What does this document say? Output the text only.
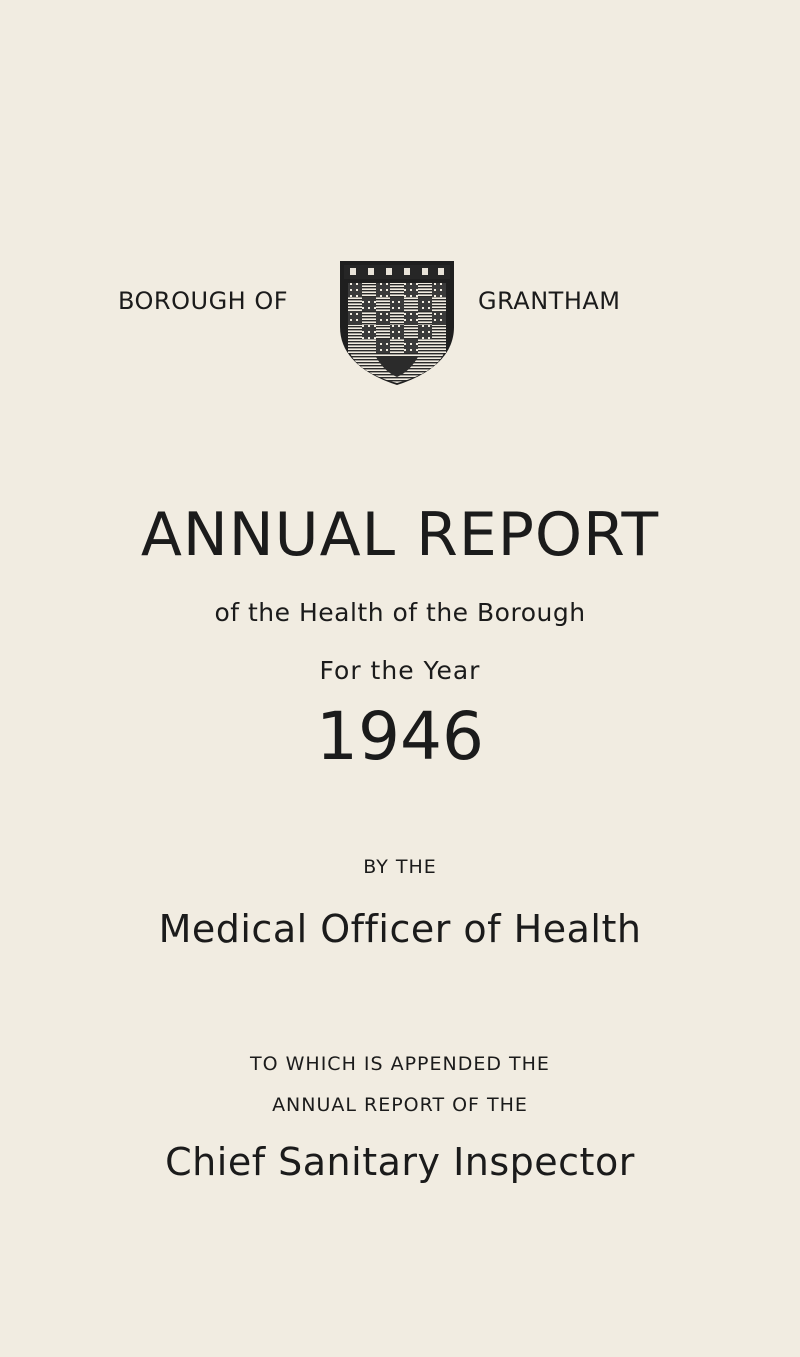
BOROUGH OF	GRANTHAM
ANNUAL REPORT
of the Health of the Borough
For the Year
1946
BY THE
Medical Officer of Health
TO WHICH IS APPENDED THE
ANNUAL REPORT OF THE
Chief Sanitary Inspector
